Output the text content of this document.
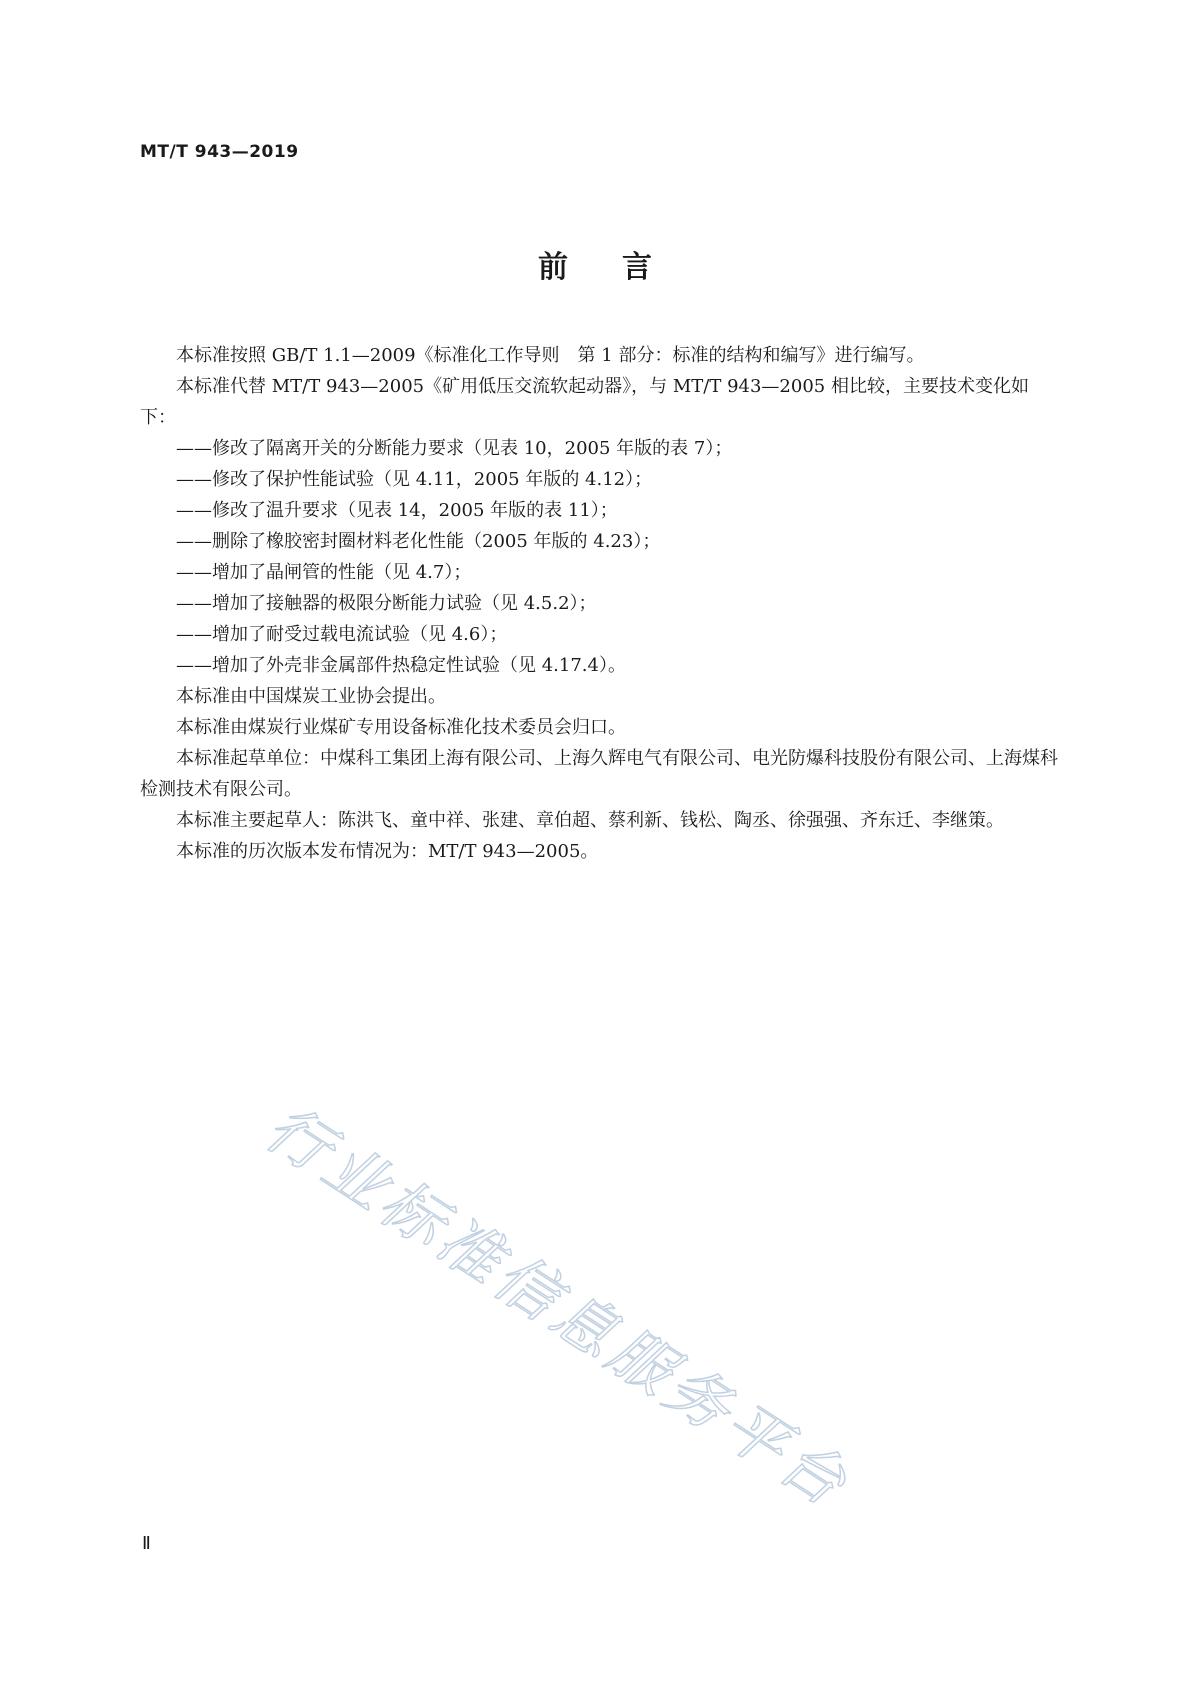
行业标准信息服务平台
MT/T 943—2019
前言

本标准按照 GB/T 1.1—2009《标准化工作导则　第 1 部分：标准的结构和编写》进行编写。

本标准代替 MT/T 943—2005《矿用低压交流软起动器》，与 MT/T 943—2005 相比较，主要技术变化如下：

——修改了隔离开关的分断能力要求（见表 10，2005 年版的表 7）；

——修改了保护性能试验（见 4.11，2005 年版的 4.12）；

——修改了温升要求（见表 14，2005 年版的表 11）；

——删除了橡胶密封圈材料老化性能（2005 年版的 4.23）；

——增加了晶闸管的性能（见 4.7）；

——增加了接触器的极限分断能力试验（见 4.5.2）；

——增加了耐受过载电流试验（见 4.6）；

——增加了外壳非金属部件热稳定性试验（见 4.17.4）。

本标准由中国煤炭工业协会提出。

本标准由煤炭行业煤矿专用设备标准化技术委员会归口。

本标准起草单位：中煤科工集团上海有限公司、上海久辉电气有限公司、电光防爆科技股份有限公司、上海煤科检测技术有限公司。

本标准主要起草人：陈洪飞、童中祥、张建、章伯超、蔡利新、钱松、陶丞、徐强强、齐东迁、李继策。

本标准的历次版本发布情况为：MT/T 943—2005。

Ⅱ
